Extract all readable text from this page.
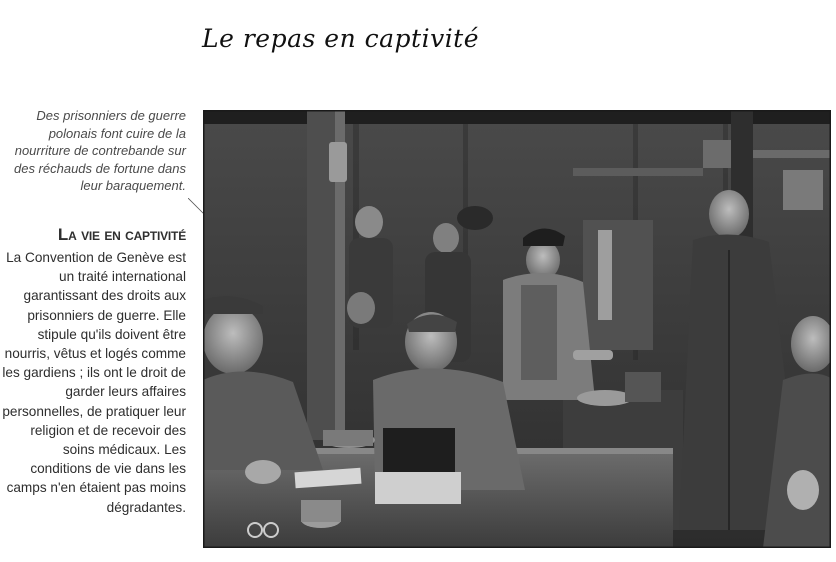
Le repas en captivité
Des prisonniers de guerre polonais font cuire de la nourriture de contrebande sur des réchauds de fortune dans leur baraquement.
La vie en captivité
La Convention de Genève est un traité international garantissant des droits aux prisonniers de guerre. Elle stipule qu'ils doivent être nourris, vêtus et logés comme les gardiens ; ils ont le droit de garder leurs affaires personnelles, de pratiquer leur religion et de recevoir des soins médicaux. Les conditions de vie dans les camps n'en étaient pas moins dégradantes.
